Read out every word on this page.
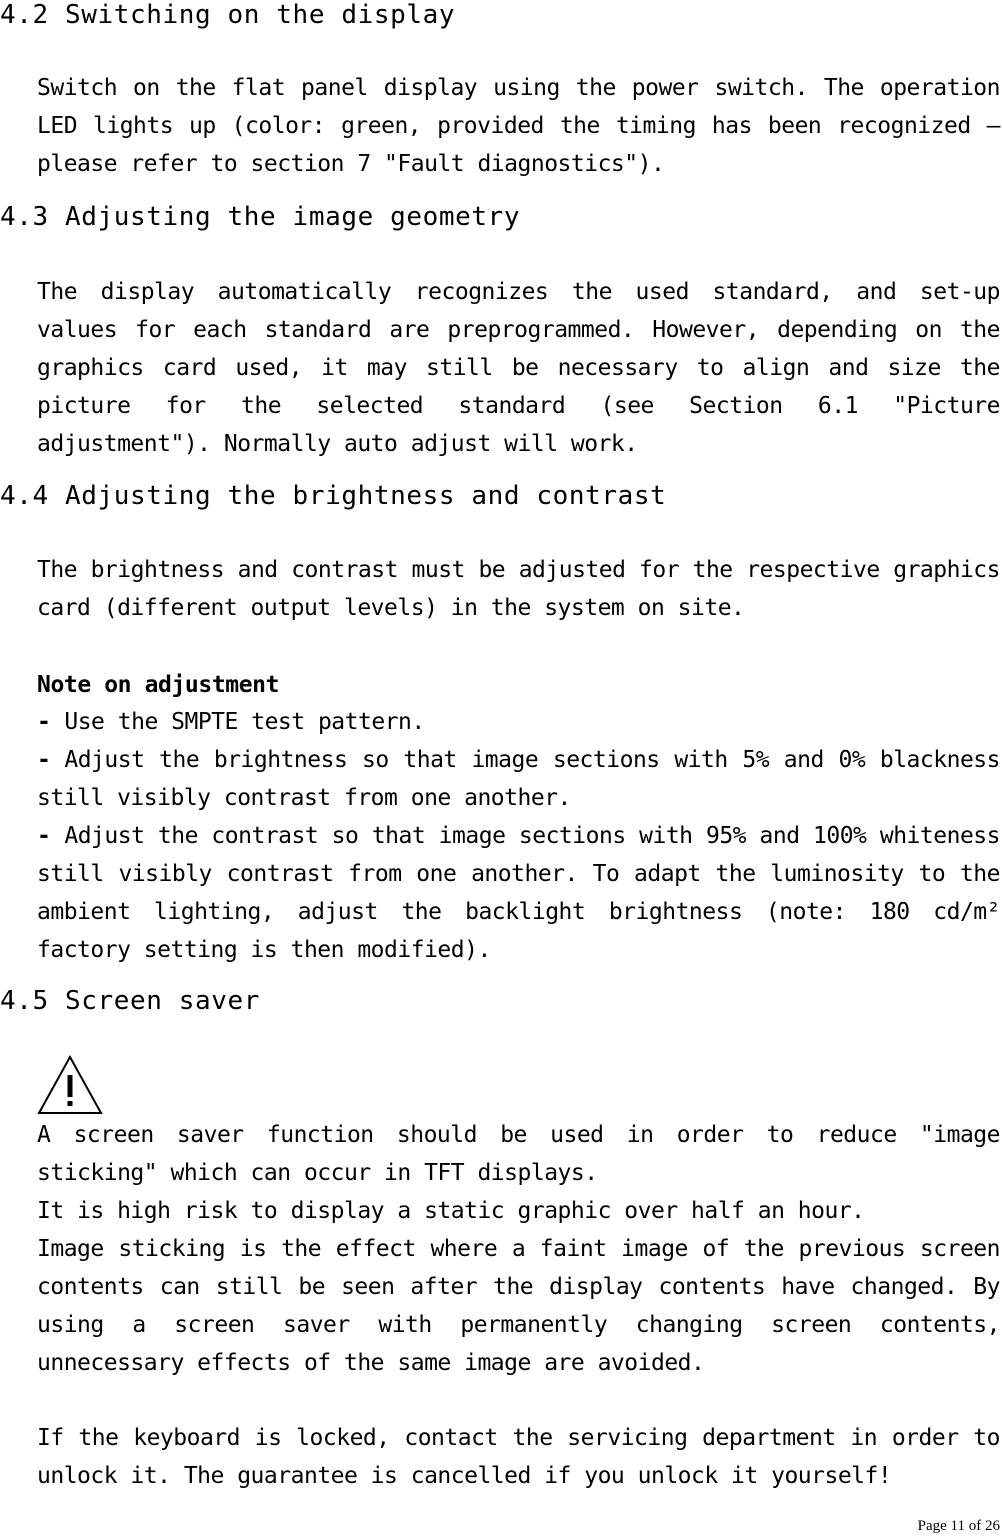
4.2 Switching on the display

Switch on the flat panel display using the power switch. The operation LED lights up (color: green, provided the timing has been recognized – please refer to section 7 "Fault diagnostics").

4.3 Adjusting the image geometry

The display automatically recognizes the used standard, and set-up values for each standard are preprogrammed. However, depending on the graphics card used, it may still be necessary to align and size the picture for the selected standard (see Section 6.1 "Picture adjustment"). Normally auto adjust will work.

4.4 Adjusting the brightness and contrast

The brightness and contrast must be adjusted for the respective graphics card (different output levels) in the system on site.

Note on adjustment

- Use the SMPTE test pattern.
- Adjust the brightness so that image sections with 5% and 0% blackness still visibly contrast from one another.
- Adjust the contrast so that image sections with 95% and 100% whiteness still visibly contrast from one another. To adapt the luminosity to the ambient lighting, adjust the backlight brightness (note: 180 cd/m² factory setting is then modified).
4.5 Screen saver

A screen saver function should be used in order to reduce "image sticking" which can occur in TFT displays.

It is high risk to display a static graphic over half an hour.

Image sticking is the effect where a faint image of the previous screen contents can still be seen after the display contents have changed. By using a screen saver with permanently changing screen contents, unnecessary effects of the same image are avoided.

If the keyboard is locked, contact the servicing department in order to unlock it. The guarantee is cancelled if you unlock it yourself!

Page 11 of 26
